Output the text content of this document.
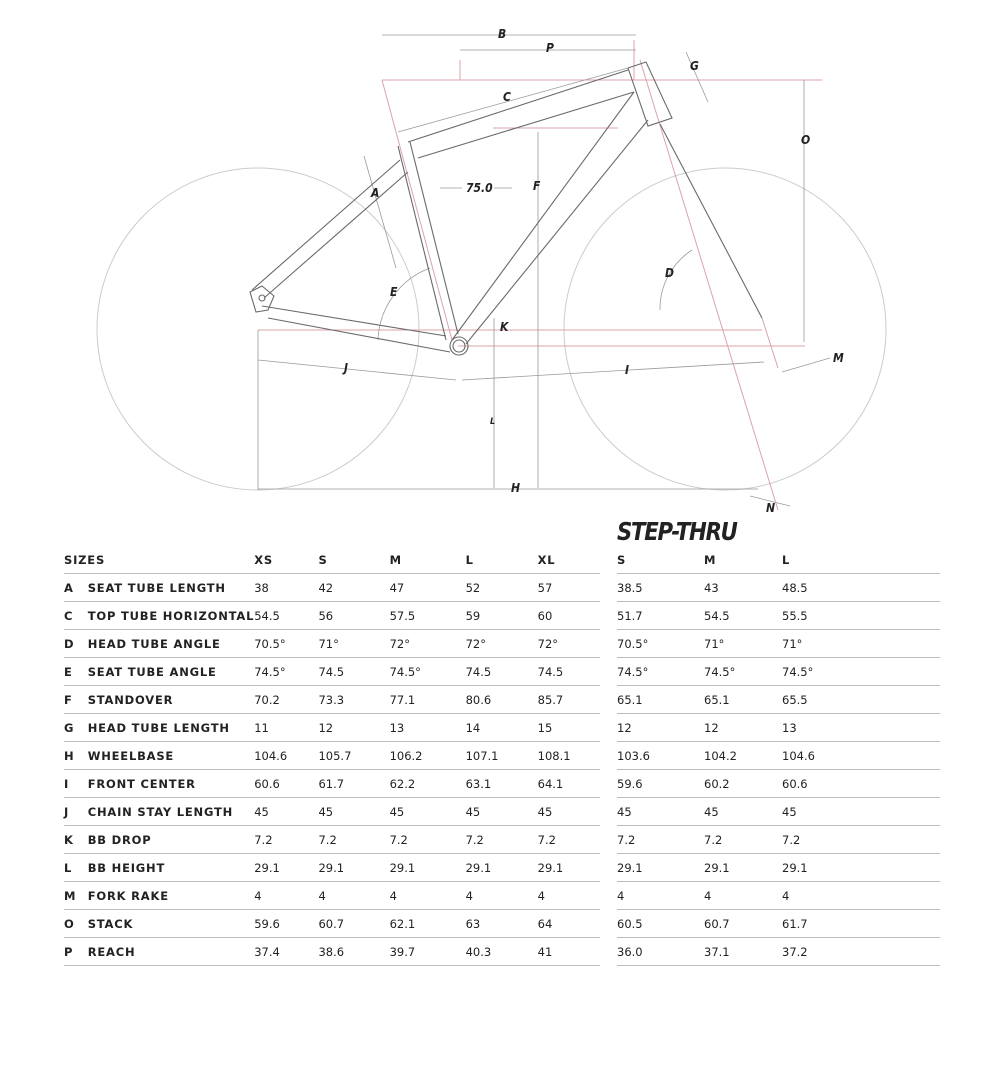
B
P
C
G
O
A	75.0	F
D
E
K
M
J	I
L
H
N
STEP-THRU
SIZES		XS	S	M	L	XL
A	SEAT TUBE LENGTH	38	42	47	52	57
C	TOP TUBE HORIZONTAL	54.5	56	57.5	59	60
D	HEAD TUBE ANGLE	70.5°	71°	72°	72°	72°
E	SEAT TUBE ANGLE	74.5°	74.5	74.5°	74.5	74.5
F	STANDOVER	70.2	73.3	77.1	80.6	85.7
G	HEAD TUBE LENGTH	11	12	13	14	15
H	WHEELBASE	104.6	105.7	106.2	107.1	108.1
I	FRONT CENTER	60.6	61.7	62.2	63.1	64.1
J	CHAIN STAY LENGTH	45	45	45	45	45
K	BB DROP	7.2	7.2	7.2	7.2	7.2
L	BB HEIGHT	29.1	29.1	29.1	29.1	29.1
M	FORK RAKE	4	4	4	4	4
O	STACK	59.6	60.7	62.1	63	64
P	REACH	37.4	38.6	39.7	40.3	41
S	M	L
38.5	43	48.5
51.7	54.5	55.5
70.5°	71°	71°
74.5°	74.5°	74.5°
65.1	65.1	65.5
12	12	13
103.6	104.2	104.6
59.6	60.2	60.6
45	45	45
7.2	7.2	7.2
29.1	29.1	29.1
4	4	4
60.5	60.7	61.7
36.0	37.1	37.2
